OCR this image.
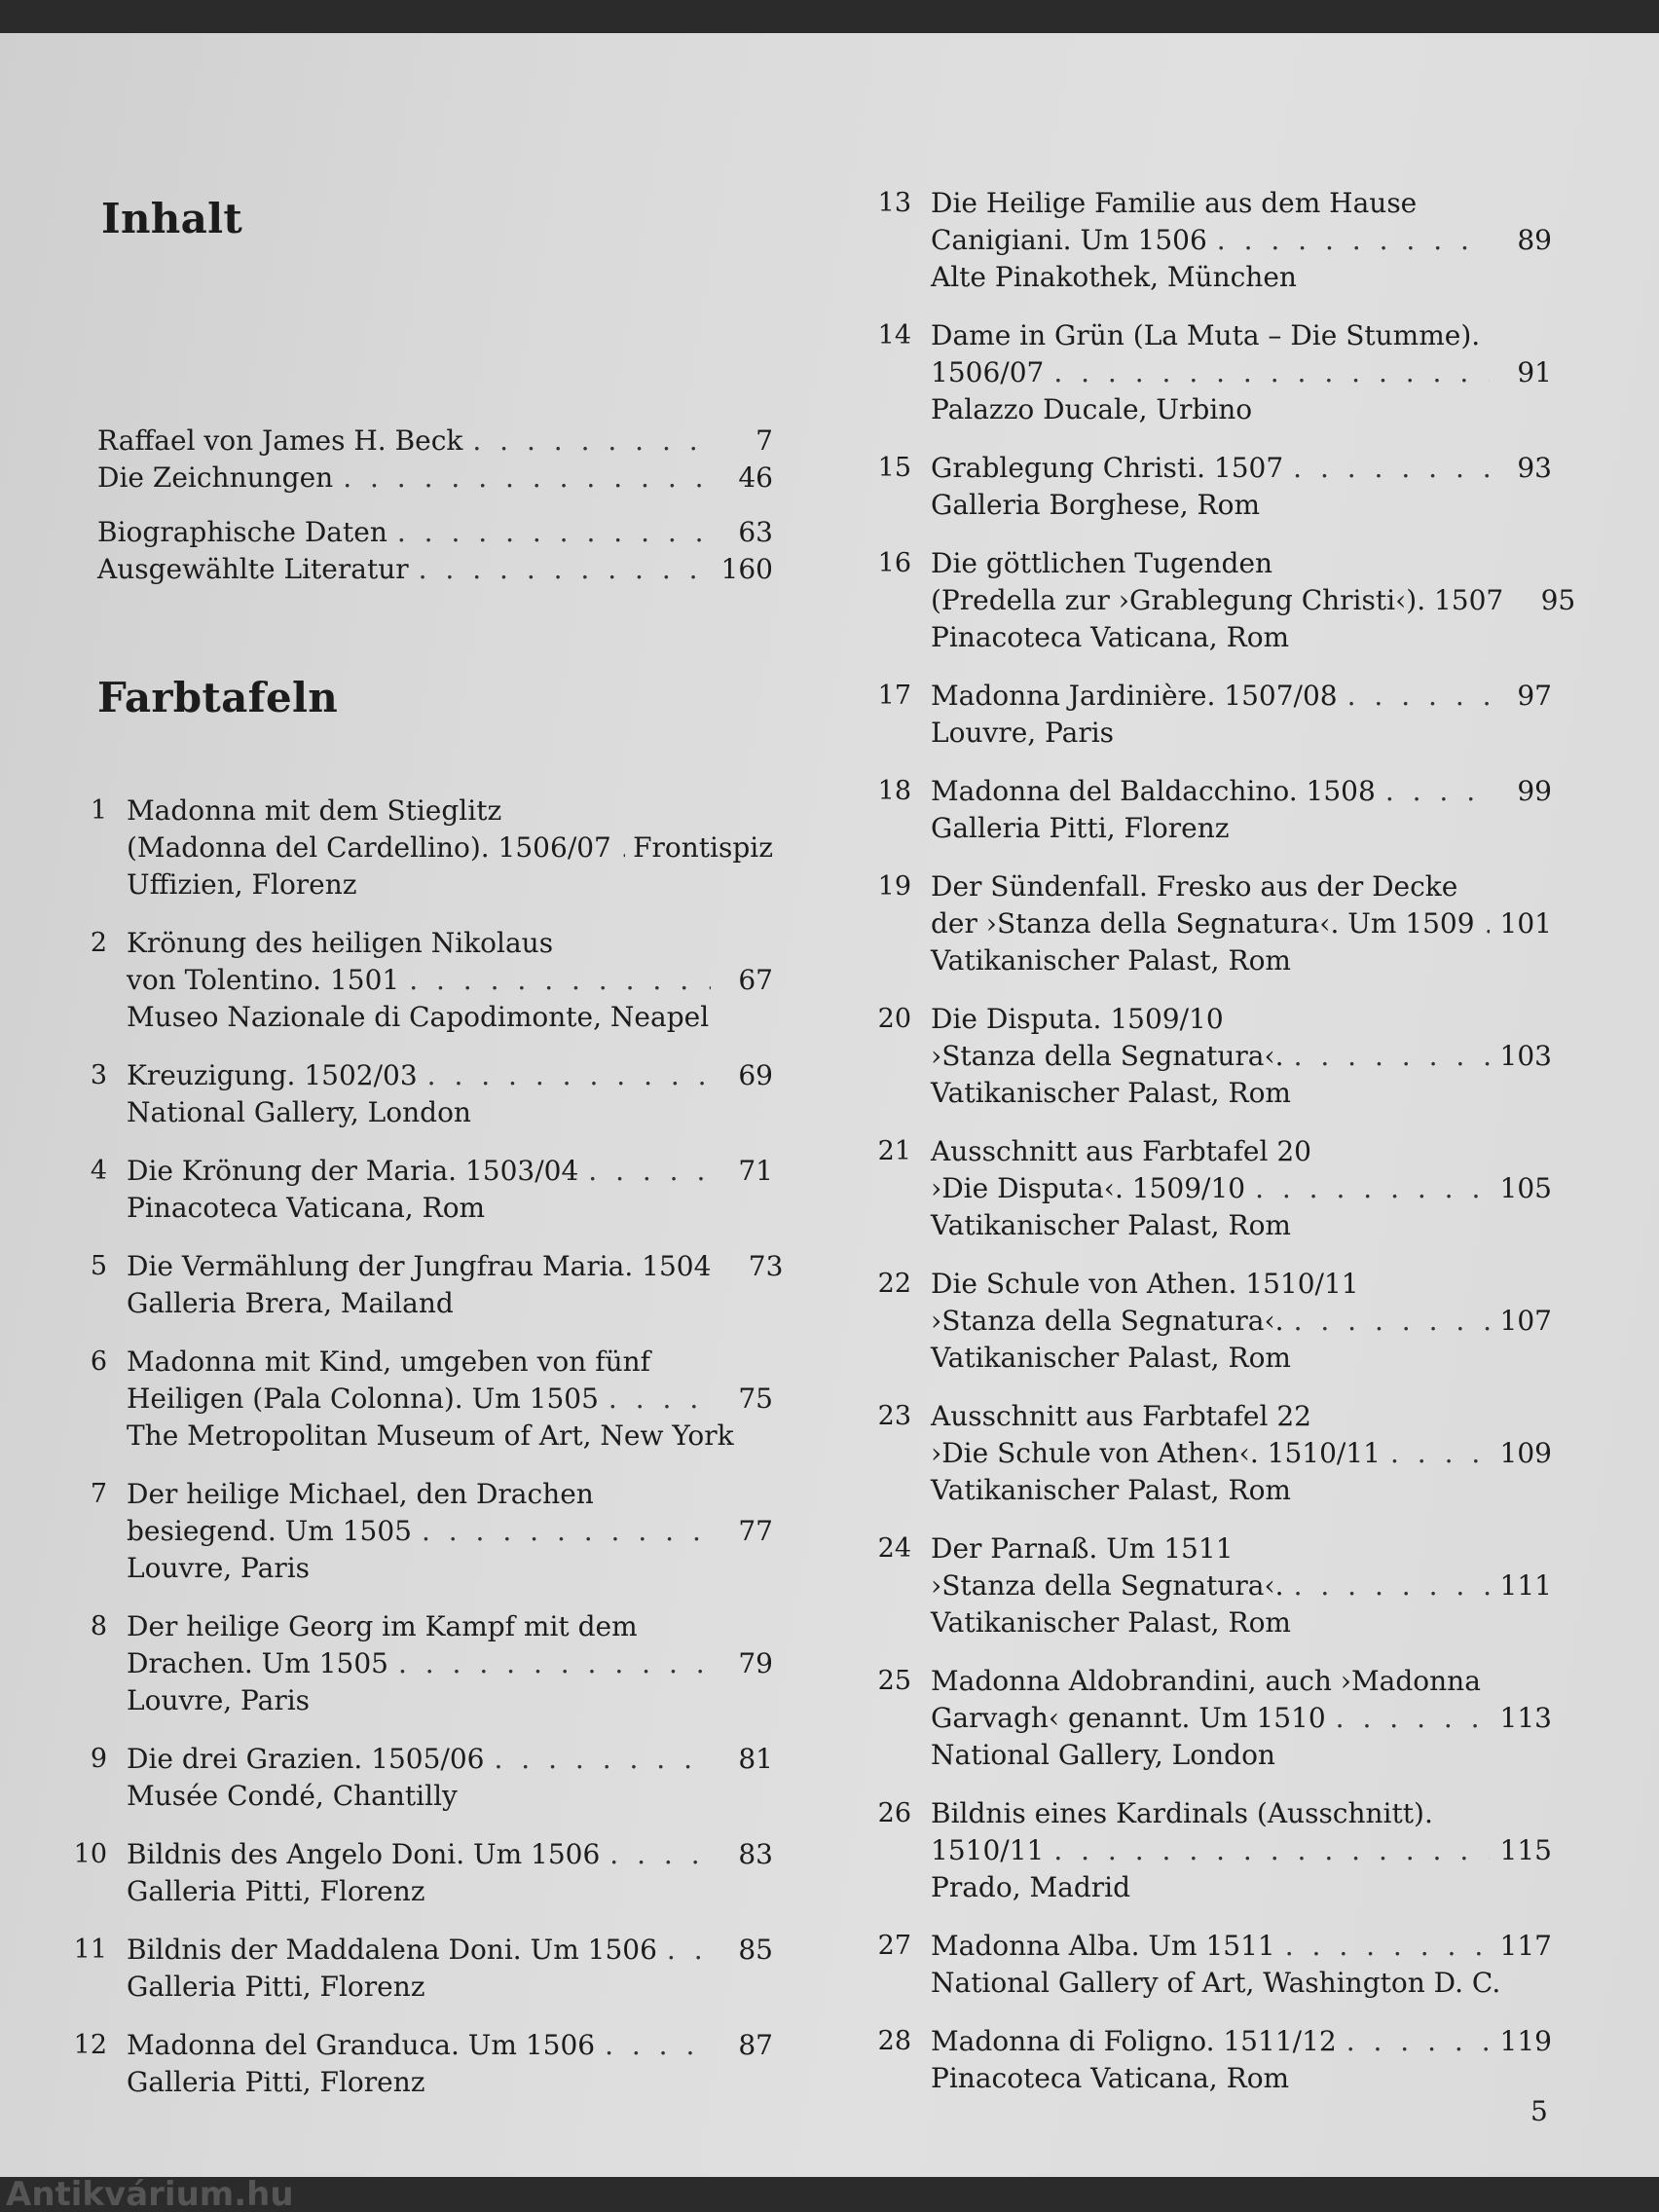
Inhalt
Raffael von James H. Beck . . .	7
Die Zeichnungen . . .	46
Biographische Daten . . .	63
Ausgewählte Literatur . . .	160
Farbtafeln
1 Madonna mit dem Stieglitz
(Madonna del Cardellino). 1506/07 . . . Frontispiz
Uffizien, Florenz
2 Krönung des heiligen Nikolaus
von Tolentino. 1501 . . .	67
Museo Nazionale di Capodimonte, Neapel
3 Kreuzigung. 1502/03 . . .	69
National Gallery, London
4 Die Krönung der Maria. 1503/04 . . .	71
Pinacoteca Vaticana, Rom
5 Die Vermählung der Jungfrau Maria. 1504	73
Galleria Brera, Mailand
6 Madonna mit Kind, umgeben von fünf
Heiligen (Pala Colonna). Um 1505 . . .	75
The Metropolitan Museum of Art, New York
7 Der heilige Michael, den Drachen
besiegend. Um 1505 . . .	77
Louvre, Paris
8 Der heilige Georg im Kampf mit dem
Drachen. Um 1505 . . .	79
Louvre, Paris
9 Die drei Grazien. 1505/06 . . .	81
Musée Condé, Chantilly
10 Bildnis des Angelo Doni. Um 1506 . . .	83
Galleria Pitti, Florenz
11 Bildnis der Maddalena Doni. Um 1506 . . .	85
Galleria Pitti, Florenz
12 Madonna del Granduca. Um 1506 . . .	87
Galleria Pitti, Florenz
13 Die Heilige Familie aus dem Hause
Canigiani. Um 1506 . . .	89
Alte Pinakothek, München
14 Dame in Grün (La Muta – Die Stumme).
1506/07 . . .	91
Palazzo Ducale, Urbino
15 Grablegung Christi. 1507 . . .	93
Galleria Borghese, Rom
16 Die göttlichen Tugenden
(Predella zur ›Grablegung Christi‹). 1507	95
Pinacoteca Vaticana, Rom
17 Madonna Jardinière. 1507/08 . . .	97
Louvre, Paris
18 Madonna del Baldacchino. 1508 . . .	99
Galleria Pitti, Florenz
19 Der Sündenfall. Fresko aus der Decke
der ›Stanza della Segnatura‹. Um 1509 . . . 101
Vatikanischer Palast, Rom
20 Die Disputa. 1509/10
›Stanza della Segnatura‹. . . .	103
Vatikanischer Palast, Rom
21 Ausschnitt aus Farbtafel 20
›Die Disputa‹. 1509/10 . . .	105
Vatikanischer Palast, Rom
22 Die Schule von Athen. 1510/11
›Stanza della Segnatura‹. . . .	107
Vatikanischer Palast, Rom
23 Ausschnitt aus Farbtafel 22
›Die Schule von Athen‹. 1510/11 . . .	109
Vatikanischer Palast, Rom
24 Der Parnaß. Um 1511
›Stanza della Segnatura‹. . . .	111
Vatikanischer Palast, Rom
25 Madonna Aldobrandini, auch ›Madonna
Garvagh‹ genannt. Um 1510 . . .	113
National Gallery, London
26 Bildnis eines Kardinals (Ausschnitt).
1510/11 . . .	115
Prado, Madrid
27 Madonna Alba. Um 1511 . . .	117
National Gallery of Art, Washington D. C.
28 Madonna di Foligno. 1511/12 . . .	119
Pinacoteca Vaticana, Rom
5
Antikvárium.hu
